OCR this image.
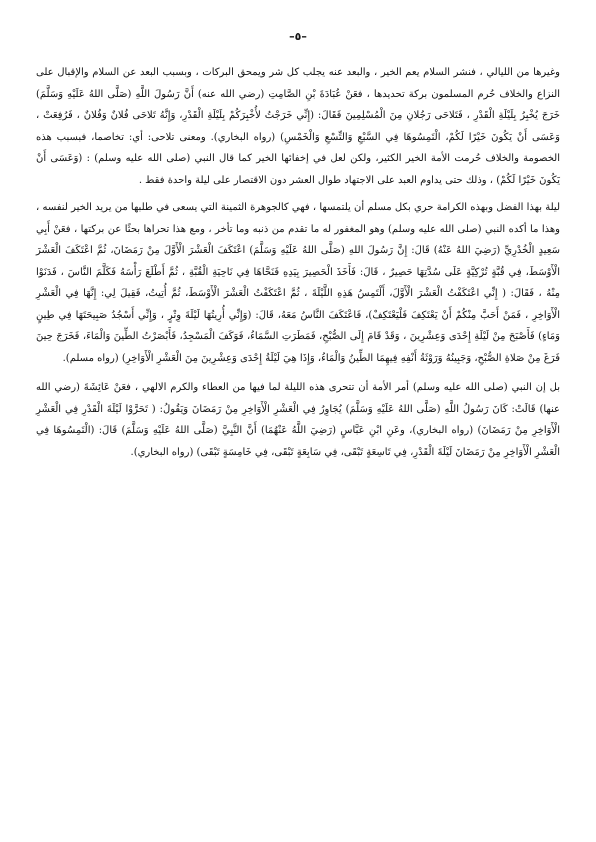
–٥–

وغيرها من الليالي ، فنشر السلام يعم الخير ، والبعد عنه يجلب كل شر ويمحق البركات ، وبسبب البعد عن السلام والإقبال على النزاع والخلاف حُرم المسلمون بركة تحديدها ، فعَنْ عُبَادَةَ بْنِ الصَّامِتِ (رضي الله عنه) أَنَّ رَسُولَ اللَّهِ (صَلَّى اللهُ عَلَيْهِ وَسَلَّمَ) خَرَجَ يُخْبِرُ بِلَيْلَةِ الْقَدْرِ ، فَتَلاحَى رَجُلانِ مِنَ الْمُسْلِمِينَ فَقَالَ: (إِنِّي خَرَجْتُ لأُخْبِرَكُمْ بِلَيْلَةِ الْقَدْرِ، وَإِنَّهُ تَلاحَى فُلانٌ وَفُلانٌ ، فَرُفِعَتْ ، وَعَسَى أَنْ يَكُونَ خَيْرًا لَكُمْ، الْتَمِسُوهَا فِي السَّبْعِ وَالتِّسْعِ وَالْخَمْسِ) (رواه البخاري). ومعنى تلاحى: أي: تخاصما، فبسبب هذه الخصومة والخلاف حُرمت الأمة الخير الكثير، ولكن لعل في إخفائها الخير كما قال النبي (صلى الله عليه وسلم) : (وَعَسَى أَنْ يَكُونَ خَيْرًا لَكُمْ) ، وذلك حتى يداوم العبد على الاجتهاد طوال العشر دون الاقتصار على ليلة واحدة فقط .

ليلة بهذا الفضل وبهذه الكرامة حري بكل مسلم أن يلتمسها ، فهي كالجوهرة الثمينة التي يسعى في طلبها من يريد الخير لنفسه ، وهذا ما أكده النبي (صلى الله عليه وسلم) وهو المغفور له ما تقدم من ذنبه وما تأخر ، ومع هذا تحراها بحثًا عن بركتها ، فعَنْ أَبِي سَعِيدٍ الْخُدْرِيِّ (رَضِيَ اللهُ عَنْهُ) قَالَ: إِنَّ رَسُولَ اللهِ (صَلَّى اللهُ عَلَيْهِ وَسَلَّمَ) اعْتَكَفَ الْعَشْرَ الْأَوَّلَ مِنْ رَمَضَانَ، ثُمَّ اعْتَكَفَ الْعَشْرَ الْأَوْسَطَ، فِي قُبَّةٍ تُرْكِيَّةٍ عَلَى سُدَّتِهَا حَصِيرٌ ، قَالَ: فَأَخَذَ الْحَصِيرَ بِيَدِهِ فَنَحَّاهَا فِي نَاحِيَةِ الْقُبَّةِ ، ثُمَّ أَطْلَعَ رَأْسَهُ فَكَلَّمَ النَّاسَ ، فَدَنَوْا مِنْهُ ، فَقَالَ: ( إِنِّي اعْتَكَفْتُ الْعَشْرَ الْأَوَّلَ، أَلْتَمِسُ هَذِهِ اللَّيْلَةَ ، ثُمَّ اعْتَكَفْتُ الْعَشْرَ الْأَوْسَطَ، ثُمَّ أُتِيتُ، فَقِيلَ لِي: إِنَّهَا فِي الْعَشْرِ الْأَوَاخِرِ ، فَمَنْ أَحَبَّ مِنْكُمْ أَنْ يَعْتَكِفَ فَلْيَعْتَكِفْ)، فَاعْتَكَفَ النَّاسُ مَعَهُ، قَالَ: (وَإِنِّي أُرِيتُهَا لَيْلَةَ وِتْرٍ ، وَإِنِّي أَسْجُدُ صَبِيحَتَهَا فِي طِينٍ وَمَاءٍ) فَأَصْبَحَ مِنْ لَيْلَةِ إِحْدَى وَعِشْرِينَ ، وَقَدْ قَامَ إِلَى الصُّبْحِ، فَمَطَرَتِ السَّمَاءُ، فَوَكَفَ الْمَسْجِدُ، فَأَبْصَرْتُ الطِّينَ وَالْمَاءَ، فَخَرَجَ حِينَ فَرَغَ مِنْ صَلاةِ الصُّبْحِ، وَجَبِينُهُ وَرَوْثَةُ أَنْفِهِ فِيهِمَا الطِّينُ وَالْمَاءُ، وَإِذَا هِيَ لَيْلَةُ إِحْدَى وَعِشْرِينَ مِنَ الْعَشْرِ الْأَوَاخِرِ) (رواه مسلم).

بل إن النبي (صلى الله عليه وسلم) أمر الأمة أن تتحرى هذه الليلة لما فيها من العطاء والكرم الالهي ، فعَنْ عَائِشَةَ (رضي الله عنها) قَالَتْ: كَانَ رَسُولُ اللَّهِ (صَلَّى اللهُ عَلَيْهِ وَسَلَّمَ) يُجَاوِرُ فِي الْعَشْرِ الْأَوَاخِرِ مِنْ رَمَضَانَ وَيَقُولُ: ( تَحَرَّوْا لَيْلَةَ الْقَدْرِ فِي الْعَشْرِ الْأَوَاخِرِ مِنْ رَمَضَانَ) (رواه البخاري)، وعَنِ ابْنِ عَبَّاسٍ (رَضِيَ اللَّهُ عَنْهُمَا) أَنَّ النَّبِيَّ (صَلَّى اللهُ عَلَيْهِ وَسَلَّمَ) قَالَ: (الْتَمِسُوهَا فِي الْعَشْرِ الْأَوَاخِرِ مِنْ رَمَضَانَ لَيْلَةَ الْقَدْرِ، فِي تَاسِعَةٍ تَبْقَى، فِي سَابِعَةٍ تَبْقَى، فِي خَامِسَةٍ تَبْقَى) (رواه البخاري).
